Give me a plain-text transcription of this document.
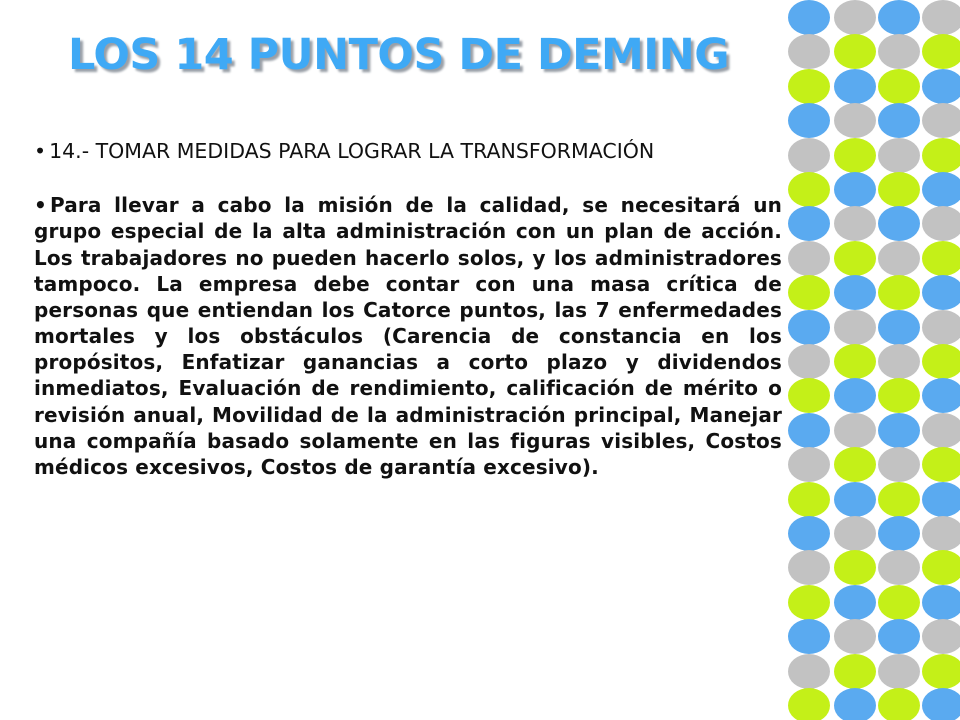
LOS 14 PUNTOS DE DEMING

• 14.- TOMAR MEDIDAS PARA LOGRAR LA TRANSFORMACIÓN

• Para llevar a cabo la misión de la calidad, se necesitará un grupo especial de la alta administración con un plan de acción. Los trabajadores no pueden hacerlo solos, y los administradores tampoco. La empresa debe contar con una masa crítica de personas que entiendan los Catorce puntos, las 7 enfermedades mortales y los obstáculos (Carencia de constancia en los propósitos, Enfatizar ganancias a corto plazo y dividendos inmediatos, Evaluación de rendimiento, calificación de mérito o revisión anual, Movilidad de la administración principal, Manejar una compañía basado solamente en las figuras visibles, Costos médicos excesivos, Costos de garantía excesivo).
